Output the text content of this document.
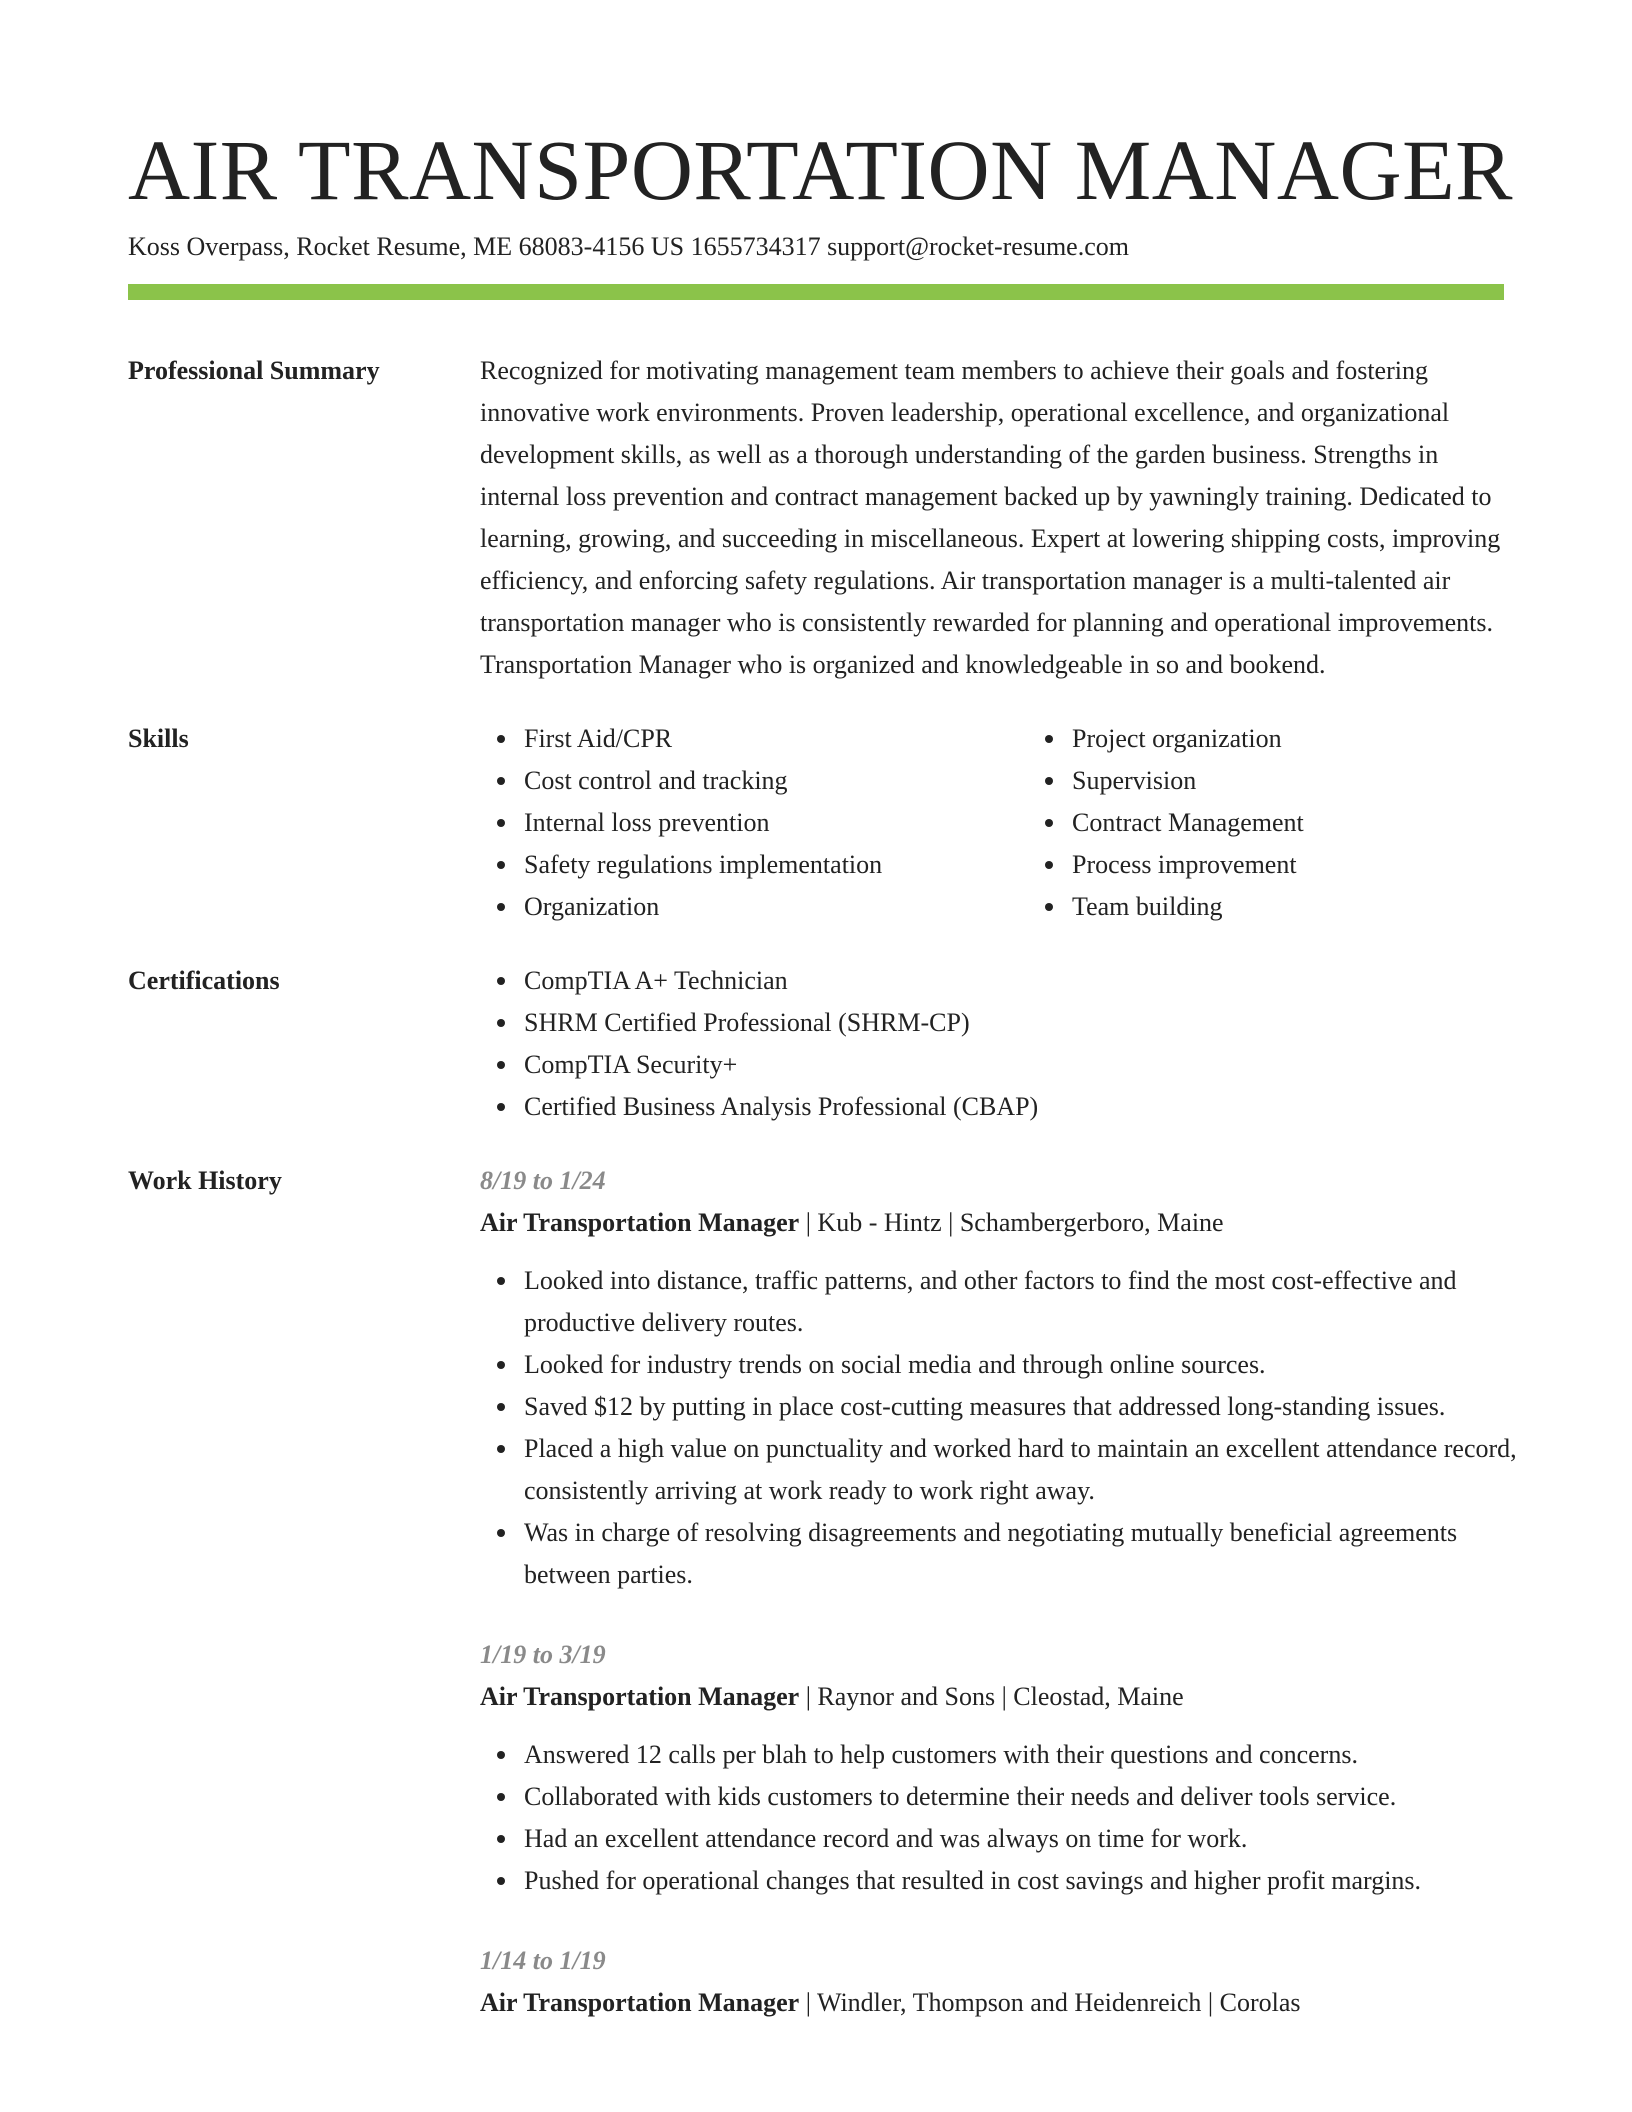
AIR TRANSPORTATION MANAGER
Koss Overpass, Rocket Resume, ME 68083-4156 US 1655734317 support@rocket-resume.com
Professional Summary	Recognized for motivating management team members to achieve their goals and fostering innovative work environments. Proven leadership, operational excellence, and organizational development skills, as well as a thorough understanding of the garden business. Strengths in internal loss prevention and contract management backed up by yawningly training. Dedicated to learning, growing, and succeeding in miscellaneous. Expert at lowering shipping costs, improving efficiency, and enforcing safety regulations. Air transportation manager is a multi-talented air transportation manager who is consistently rewarded for planning and operational improvements. Transportation Manager who is organized and knowledgeable in so and bookend.

Skills	First Aid/CPR
Cost control and tracking
Internal loss prevention
Safety regulations implementation
Organization
Project organization
Supervision
Contract Management
Process improvement
Team building
Certifications	CompTIA A+ Technician
SHRM Certified Professional (SHRM-CP)
CompTIA Security+
Certified Business Analysis Professional (CBAP)
Work History	8/19 to 1/24
Air Transportation Manager | Kub - Hintz | Schambergerboro, Maine
Looked into distance, traffic patterns, and other factors to find the most cost-effective and productive delivery routes.
Looked for industry trends on social media and through online sources.
Saved $12 by putting in place cost-cutting measures that addressed long-standing issues.
Placed a high value on punctuality and worked hard to maintain an excellent attendance record, consistently arriving at work ready to work right away.
Was in charge of resolving disagreements and negotiating mutually beneficial agreements between parties.
1/19 to 3/19
Air Transportation Manager | Raynor and Sons | Cleostad, Maine
Answered 12 calls per blah to help customers with their questions and concerns.
Collaborated with kids customers to determine their needs and deliver tools service.
Had an excellent attendance record and was always on time for work.
Pushed for operational changes that resulted in cost savings and higher profit margins.
1/14 to 1/19
Air Transportation Manager | Windler, Thompson and Heidenreich | Corolas
